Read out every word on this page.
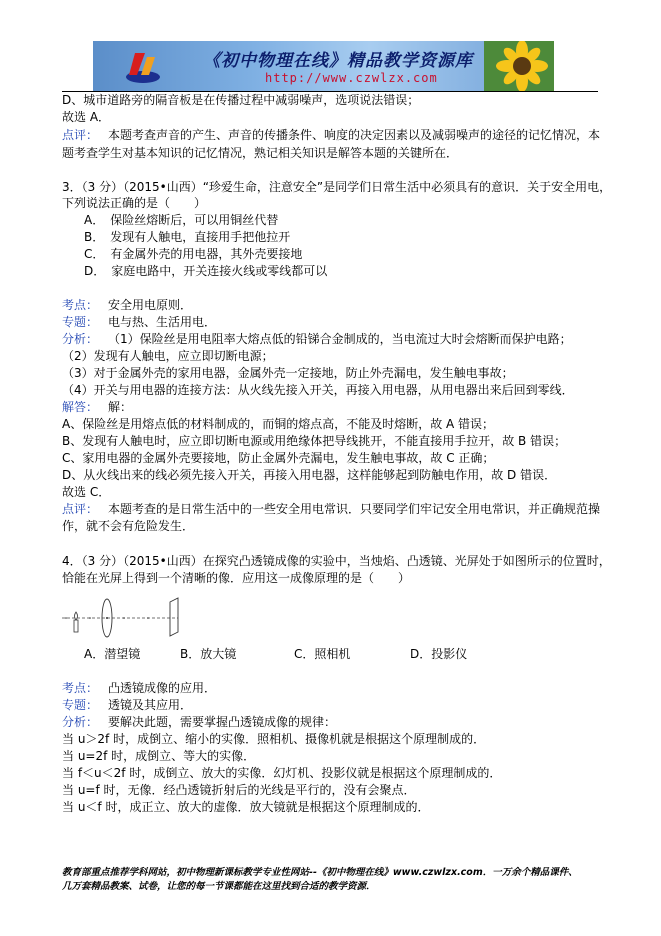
《初中物理在线》精品教学资源库
http://www.czwlzx.com
D、城市道路旁的隔音板是在传播过程中减弱噪声，选项说法错误；
故选 A．
点评： 本题考查声音的产生、声音的传播条件、响度的决定因素以及减弱噪声的途径的记忆情况，本
题考查学生对基本知识的记忆情况，熟记相关知识是解答本题的关键所在．
3．（3 分）（2015•山西）“珍爱生命，注意安全”是同学们日常生活中必须具有的意识．关于安全用电，
下列说法正确的是（　　）
A．　保险丝熔断后，可以用铜丝代替
B．　发现有人触电，直接用手把他拉开
C．　有金属外壳的用电器，其外壳要接地
D．　家庭电路中，开关连接火线或零线都可以
考点： 安全用电原则．
专题： 电与热、生活用电．
分析： （1）保险丝是用电阻率大熔点低的铅锑合金制成的，当电流过大时会熔断而保护电路；
（2）发现有人触电，应立即切断电源；
（3）对于金属外壳的家用电器，金属外壳一定接地，防止外壳漏电，发生触电事故；
（4）开关与用电器的连接方法：从火线先接入开关，再接入用电器，从用电器出来后回到零线．
解答： 解：
A、保险丝是用熔点低的材料制成的，而铜的熔点高，不能及时熔断，故 A 错误；
B、发现有人触电时，应立即切断电源或用绝缘体把导线挑开，不能直接用手拉开，故 B 错误；
C、家用电器的金属外壳要接地，防止金属外壳漏电，发生触电事故，故 C 正确；
D、从火线出来的线必须先接入开关，再接入用电器，这样能够起到防触电作用，故 D 错误．
故选 C．
点评： 本题考查的是日常生活中的一些安全用电常识．只要同学们牢记安全用电常识，并正确规范操
作，就不会有危险发生．
4．（3 分）（2015•山西）在探究凸透镜成像的实验中，当烛焰、凸透镜、光屏处于如图所示的位置时，
恰能在光屏上得到一个清晰的像．应用这一成像原理的是（　　）
A．潜望镜	B．放大镜	C．照相机	D．投影仪
考点： 凸透镜成像的应用．
专题： 透镜及其应用．
分析： 要解决此题，需要掌握凸透镜成像的规律：
当 u＞2f 时，成倒立、缩小的实像．照相机、摄像机就是根据这个原理制成的．
当 u=2f 时，成倒立、等大的实像．
当 f＜u＜2f 时，成倒立、放大的实像．幻灯机、投影仪就是根据这个原理制成的．
当 u=f 时，无像．经凸透镜折射后的光线是平行的，没有会聚点．
当 u＜f 时，成正立、放大的虚像．放大镜就是根据这个原理制成的．
教育部重点推荐学科网站，初中物理新课标教学专业性网站--《初中物理在线》www.czwlzx.com．一万余个精品课件、
几万套精品教案、试卷，让您的每一节课都能在这里找到合适的教学资源．
